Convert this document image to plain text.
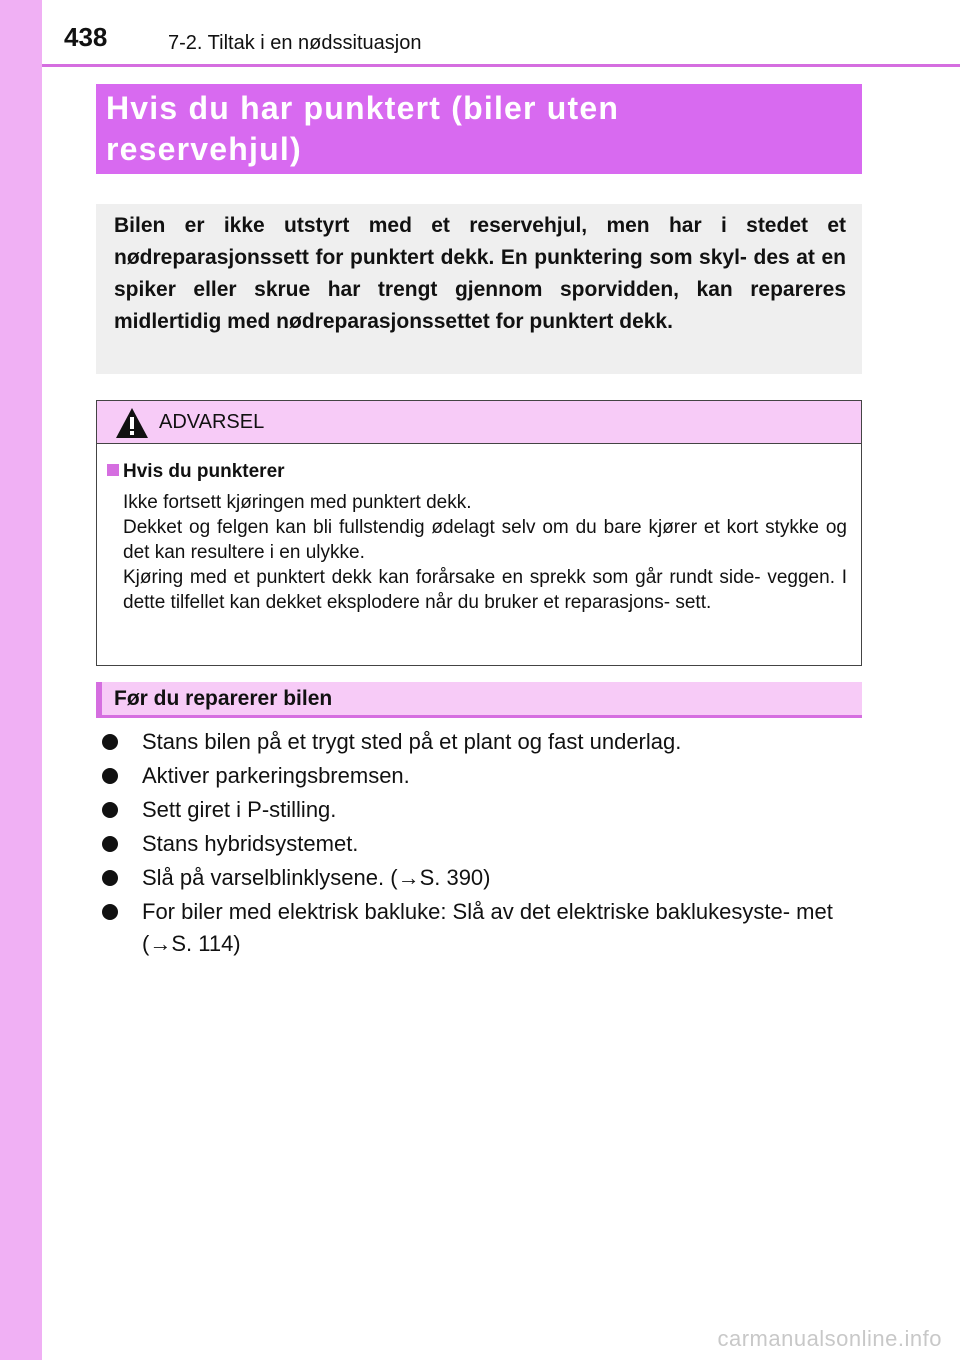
438	7-2. Tiltak i en nødssituasjon
Hvis du har punktert (biler uten
reservehjul)
Bilen er ikke utstyrt med et reservehjul, men har i stedet et nødreparasjonssett for punktert dekk. En punktering som skyl- des at en spiker eller skrue har trengt gjennom sporvidden, kan repareres midlertidig med nødreparasjonssettet for punktert dekk.
ADVARSEL
Hvis du punkterer

Ikke fortsett kjøringen med punktert dekk.

Dekket og felgen kan bli fullstendig ødelagt selv om du bare kjører et kort stykke og det kan resultere i en ulykke.

Kjøring med et punktert dekk kan forårsake en sprekk som går rundt side- veggen. I dette tilfellet kan dekket eksplodere når du bruker et reparasjons- sett.

Før du reparerer bilen
Stans bilen på et trygt sted på et plant og fast underlag.
Aktiver parkeringsbremsen.
Sett giret i P-stilling.
Stans hybridsystemet.
Slå på varselblinklysene. (→S. 390)
For biler med elektrisk bakluke: Slå av det elektriske baklukesyste- met (→S. 114)
carmanualsonline.info
